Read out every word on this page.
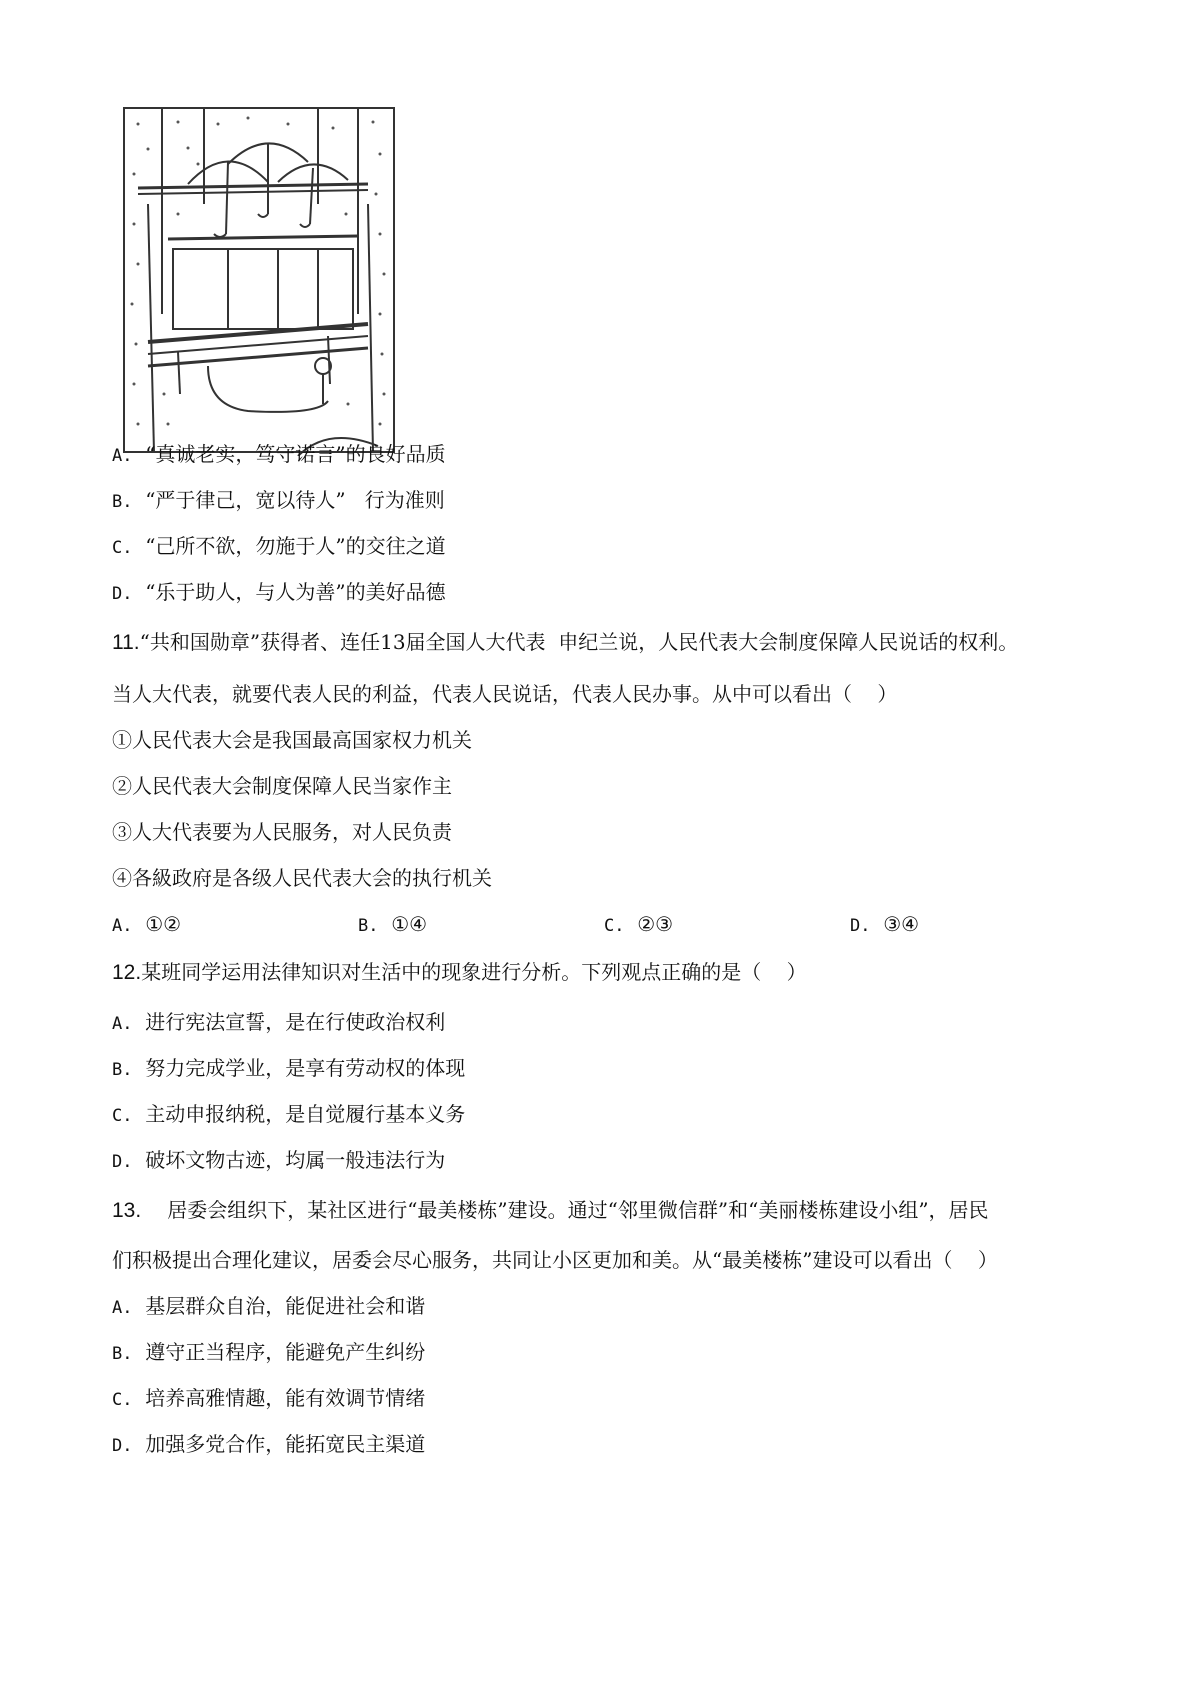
A. “真诚老实，笃守诺言”的良好品质
B. “严于律己，宽以待人”   行为准则
C. “己所不欲，勿施于人”的交往之道
D. “乐于助人，与人为善”的美好品德
11.“共和国勋章”获得者、连任13届全国人大代表  申纪兰说，人民代表大会制度保障人民说话的权利。
当人大代表，就要代表人民的利益，代表人民说话，代表人民办事。从中可以看出（    ）
①人民代表大会是我国最高国家权力机关
②人民代表大会制度保障人民当家作主
③人大代表要为人民服务，对人民负责
④各級政府是各级人民代表大会的执行机关
A. ①②	B. ①④	C. ②③	D. ③④
12.某班同学运用法律知识对生活中的现象进行分析。下列观点正确的是（    ）
A. 进行宪法宣誓，是在行使政治权利
B. 努力完成学业，是享有劳动权的体现
C. 主动申报纳税，是自觉履行基本义务
D. 破坏文物古迹，均属一般违法行为
13. 居委会组织下，某社区进行“最美楼栋”建设。通过“邻里微信群”和“美丽楼栋建设小组”，居民
们积极提出合理化建议，居委会尽心服务，共同让小区更加和美。从“最美楼栋”建设可以看出（    ）
A. 基层群众自治，能促进社会和谐
B. 遵守正当程序，能避免产生纠纷
C. 培养高雅情趣，能有效调节情绪
D. 加强多党合作，能拓宽民主渠道
